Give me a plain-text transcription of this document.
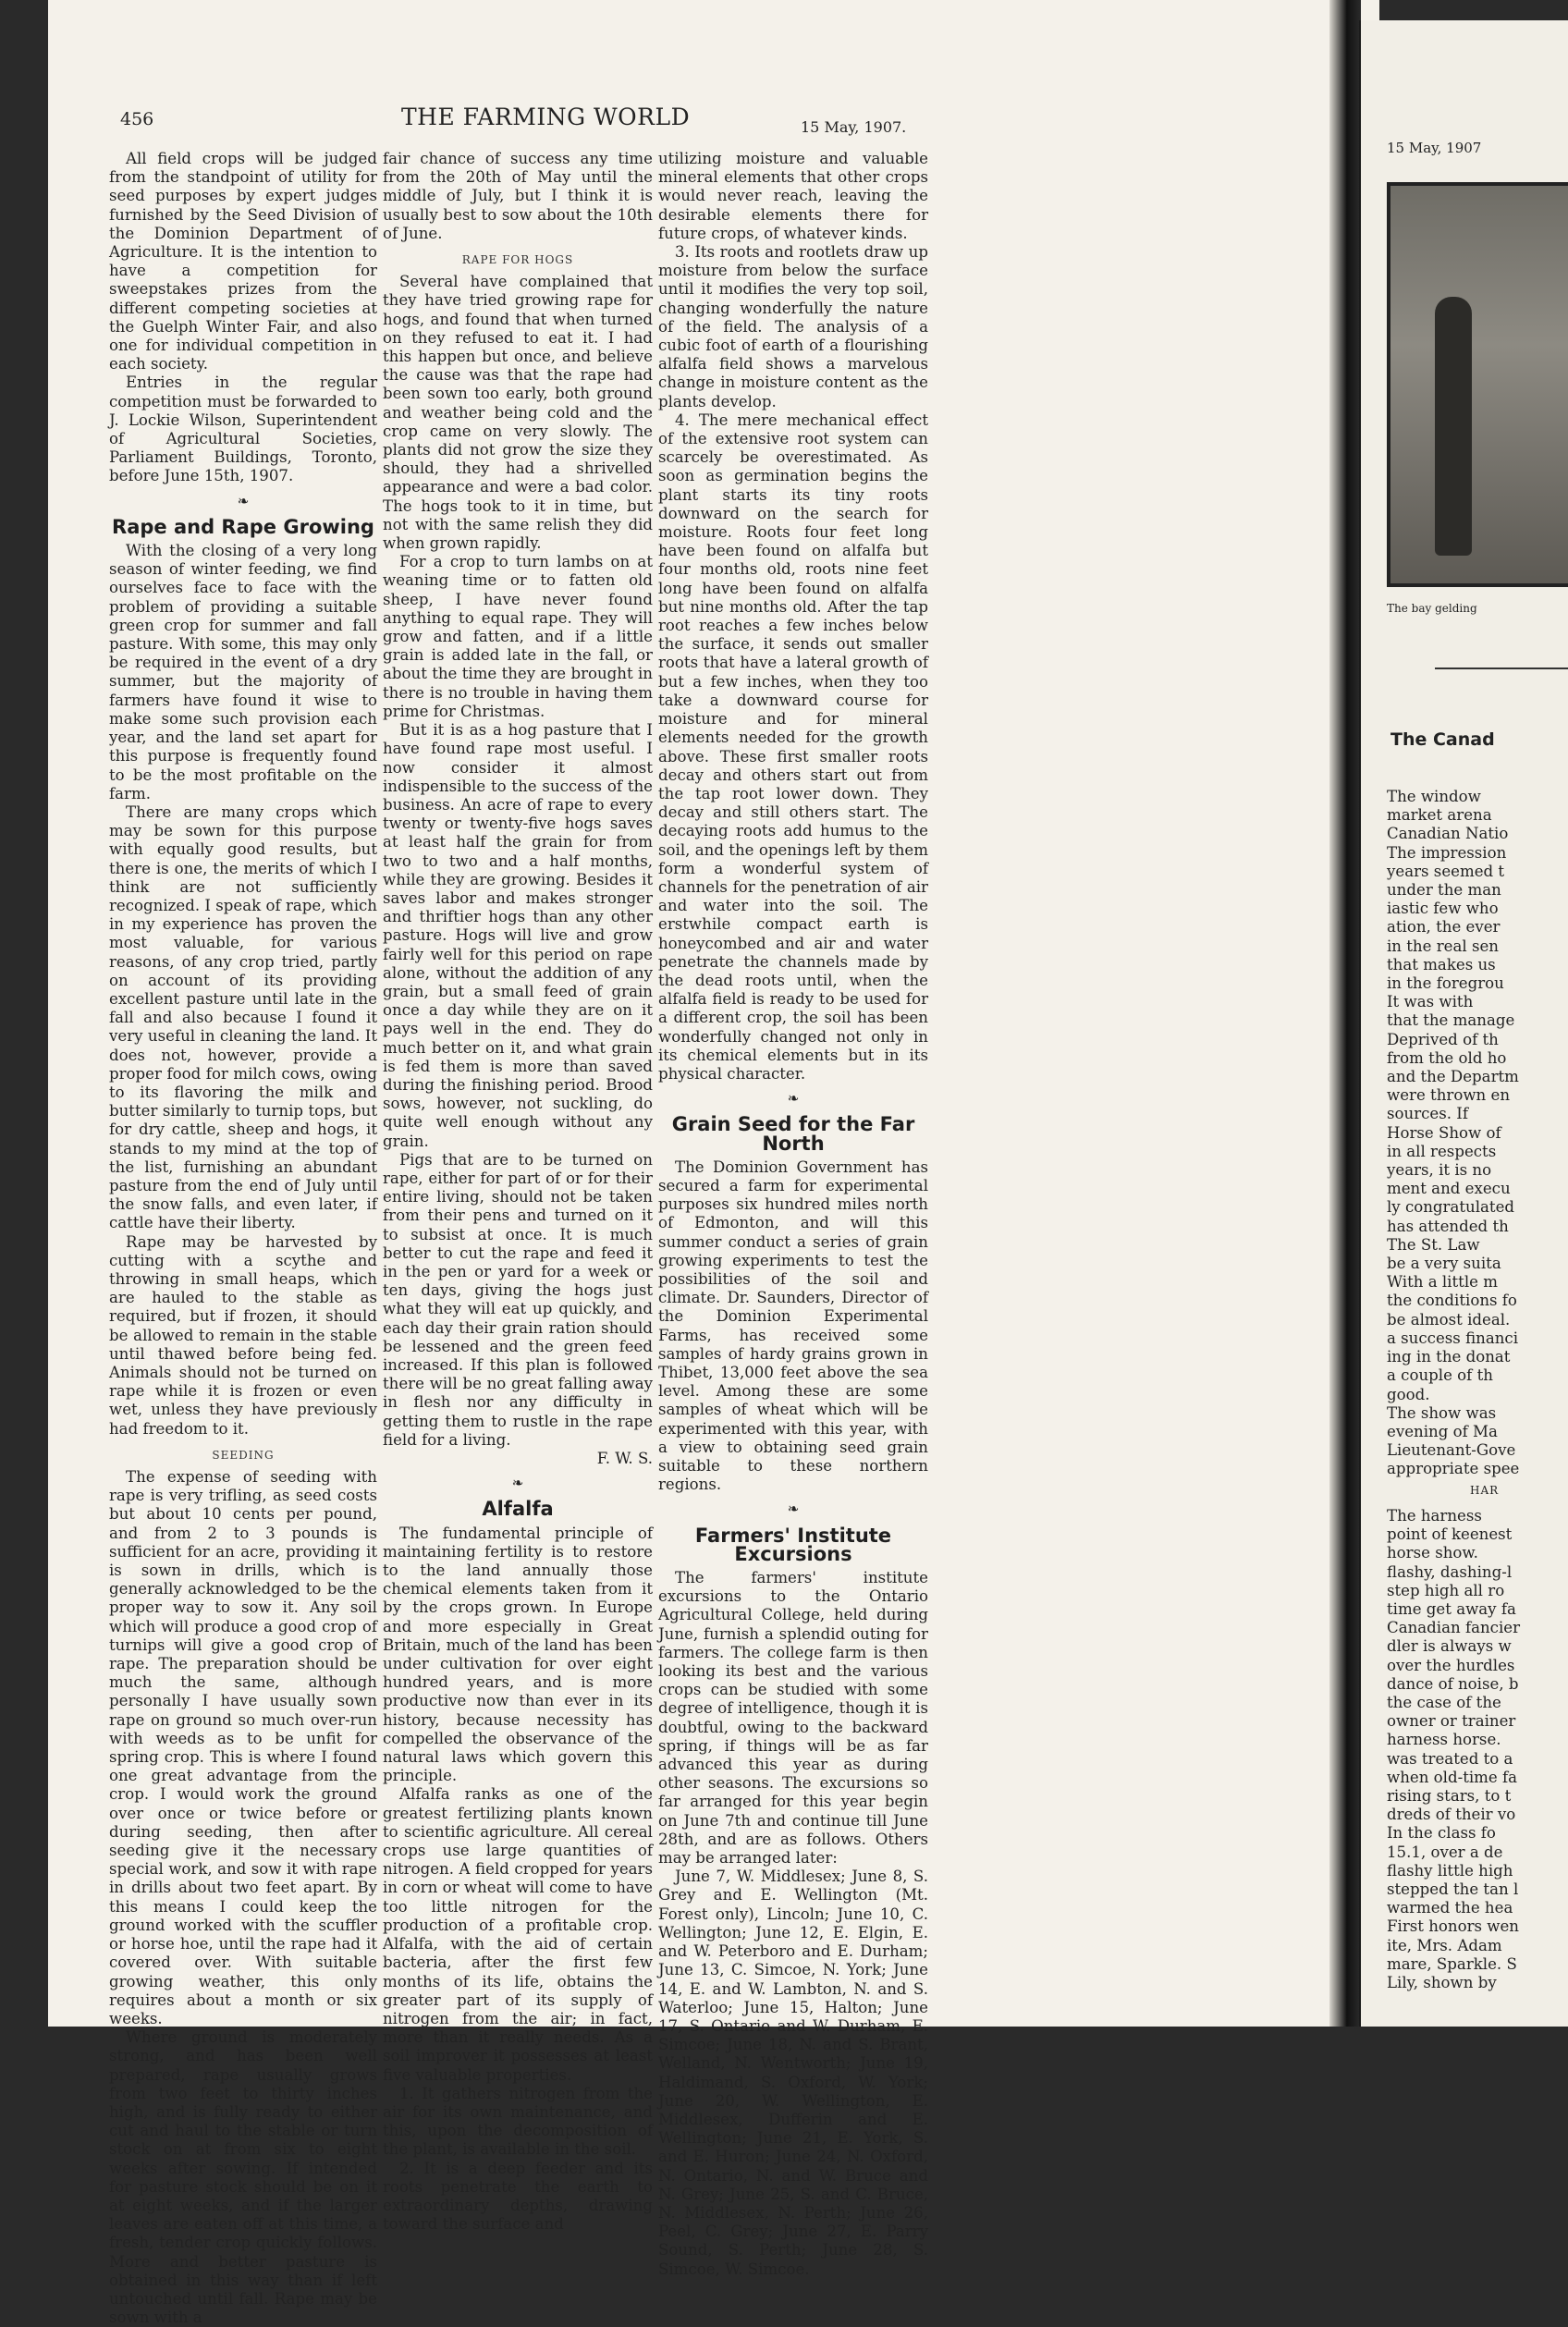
456	THE FARMING WORLD	15 May, 1907.

All field crops will be judged from the standpoint of utility for seed purposes by expert judges furnished by the Seed Division of the Dominion Department of Agriculture. It is the intention to have a competition for sweepstakes prizes from the different competing societies at the Guelph Winter Fair, and also one for individual competition in each society.

Entries in the regular competition must be forwarded to J. Lockie Wilson, Superintendent of Agricultural Societies, Parliament Buildings, Toronto, before June 15th, 1907.

❧
Rape and Rape Growing

With the closing of a very long season of winter feeding, we find ourselves face to face with the problem of providing a suitable green crop for summer and fall pasture. With some, this may only be required in the event of a dry summer, but the majority of farmers have found it wise to make some such provision each year, and the land set apart for this purpose is frequently found to be the most profitable on the farm.

There are many crops which may be sown for this purpose with equally good results, but there is one, the merits of which I think are not sufficiently recognized. I speak of rape, which in my experience has proven the most valuable, for various reasons, of any crop tried, partly on account of its providing excellent pasture until late in the fall and also because I found it very useful in cleaning the land. It does not, however, provide a proper food for milch cows, owing to its flavoring the milk and butter similarly to turnip tops, but for dry cattle, sheep and hogs, it stands to my mind at the top of the list, furnishing an abundant pasture from the end of July until the snow falls, and even later, if cattle have their liberty.

Rape may be harvested by cutting with a scythe and throwing in small heaps, which are hauled to the stable as required, but if frozen, it should be allowed to remain in the stable until thawed before being fed. Animals should not be turned on rape while it is frozen or even wet, unless they have previously had freedom to it.

SEEDING

The expense of seeding with rape is very trifling, as seed costs but about 10 cents per pound, and from 2 to 3 pounds is sufficient for an acre, providing it is sown in drills, which is generally acknowledged to be the proper way to sow it. Any soil which will produce a good crop of turnips will give a good crop of rape. The preparation should be much the same, although personally I have usually sown rape on ground so much over-run with weeds as to be unfit for spring crop. This is where I found one great advantage from the crop. I would work the ground over once or twice before or during seeding, then after seeding give it the necessary special work, and sow it with rape in drills about two feet apart. By this means I could keep the ground worked with the scuffler or horse hoe, until the rape had it covered over. With suitable growing weather, this only requires about a month or six weeks.

Where ground is moderately strong, and has been well prepared, rape usually grows from two feet to thirty inches high, and is fully ready to either cut and haul to the stable or turn stock on at from six to eight weeks after sowing. If intended for pasture stock should be on it at eight weeks, and if the larger leaves are eaten off at this time, a fresh, tender crop quickly follows. More and better pasture is obtained in this way than if left untouched until fall. Rape may be sown with a

fair chance of success any time from the 20th of May until the middle of July, but I think it is usually best to sow about the 10th of June.

RAPE FOR HOGS

Several have complained that they have tried growing rape for hogs, and found that when turned on they refused to eat it. I had this happen but once, and believe the cause was that the rape had been sown too early, both ground and weather being cold and the crop came on very slowly. The plants did not grow the size they should, they had a shrivelled appearance and were a bad color. The hogs took to it in time, but not with the same relish they did when grown rapidly.

For a crop to turn lambs on at weaning time or to fatten old sheep, I have never found anything to equal rape. They will grow and fatten, and if a little grain is added late in the fall, or about the time they are brought in there is no trouble in having them prime for Christmas.

But it is as a hog pasture that I have found rape most useful. I now consider it almost indispensible to the success of the business. An acre of rape to every twenty or twenty-five hogs saves at least half the grain for from two to two and a half months, while they are growing. Besides it saves labor and makes stronger and thriftier hogs than any other pasture. Hogs will live and grow fairly well for this period on rape alone, without the addition of any grain, but a small feed of grain once a day while they are on it pays well in the end. They do much better on it, and what grain is fed them is more than saved during the finishing period. Brood sows, however, not suckling, do quite well enough without any grain.

Pigs that are to be turned on rape, either for part of or for their entire living, should not be taken from their pens and turned on it to subsist at once. It is much better to cut the rape and feed it in the pen or yard for a week or ten days, giving the hogs just what they will eat up quickly, and each day their grain ration should be lessened and the green feed increased. If this plan is followed there will be no great falling away in flesh nor any difficulty in getting them to rustle in the rape field for a living.

F. W. S.
❧
Alfalfa

The fundamental principle of maintaining fertility is to restore to the land annually those chemical elements taken from it by the crops grown. In Europe and more especially in Great Britain, much of the land has been under cultivation for over eight hundred years, and is more productive now than ever in its history, because necessity has compelled the observance of the natural laws which govern this principle.

Alfalfa ranks as one of the greatest fertilizing plants known to scientific agriculture. All cereal crops use large quantities of nitrogen. A field cropped for years in corn or wheat will come to have too little nitrogen for the production of a profitable crop. Alfalfa, with the aid of certain bacteria, after the first few months of its life, obtains the greater part of its supply of nitrogen from the air; in fact, more than it really needs. As a soil improver it possesses at least five valuable properties.

1. It gathers nitrogen from the air for its own maintenance, and this, upon the decomposition of the plant, is available in the soil.

2. It is a deep feeder and its roots penetrate the earth to extraordinary depths, drawing toward the surface and

utilizing moisture and valuable mineral elements that other crops would never reach, leaving the desirable elements there for future crops, of whatever kinds.

3. Its roots and rootlets draw up moisture from below the surface until it modifies the very top soil, changing wonderfully the nature of the field. The analysis of a cubic foot of earth of a flourishing alfalfa field shows a marvelous change in moisture content as the plants develop.

4. The mere mechanical effect of the extensive root system can scarcely be overestimated. As soon as germination begins the plant starts its tiny roots downward on the search for moisture. Roots four feet long have been found on alfalfa but four months old, roots nine feet long have been found on alfalfa but nine months old. After the tap root reaches a few inches below the surface, it sends out smaller roots that have a lateral growth of but a few inches, when they too take a downward course for moisture and for mineral elements needed for the growth above. These first smaller roots decay and others start out from the tap root lower down. They decay and still others start. The decaying roots add humus to the soil, and the openings left by them form a wonderful system of channels for the penetration of air and water into the soil. The erstwhile compact earth is honeycombed and air and water penetrate the channels made by the dead roots until, when the alfalfa field is ready to be used for a different crop, the soil has been wonderfully changed not only in its chemical elements but in its physical character.

❧
Grain Seed for the Far North

The Dominion Government has secured a farm for experimental purposes six hundred miles north of Edmonton, and will this summer conduct a series of grain growing experiments to test the possibilities of the soil and climate. Dr. Saunders, Director of the Dominion Experimental Farms, has received some samples of hardy grains grown in Thibet, 13,000 feet above the sea level. Among these are some samples of wheat which will be experimented with this year, with a view to obtaining seed grain suitable to these northern regions.

❧
Farmers' Institute Excursions

The farmers' institute excursions to the Ontario Agricultural College, held during June, furnish a splendid outing for farmers. The college farm is then looking its best and the various crops can be studied with some degree of intelligence, though it is doubtful, owing to the backward spring, if things will be as far advanced this year as during other seasons. The excursions so far arranged for this year begin on June 7th and continue till June 28th, and are as follows. Others may be arranged later:

June 7, W. Middlesex; June 8, S. Grey and E. Wellington (Mt. Forest only), Lincoln; June 10, C. Wellington; June 12, E. Elgin, E. and W. Peterboro and E. Durham; June 13, C. Simcoe, N. York; June 14, E. and W. Lambton, N. and S. Waterloo; June 15, Halton; June 17, S. Ontario and W. Durham, E. Simcoe; June 18, N. and S. Brant, Welland, N. Wentworth; June 19, Haldimand, S. Oxford, W. York; June 20, W. Wellington, E. Middlesex, Dufferin and E. Wellington; June 21, E. York, S. and E. Huron; June 24, N. Oxford, N. Ontario, N. and W. Bruce and N. Grey; June 25, S. and C. Bruce, N. Middlesex, N. Perth; June 26, Peel, C. Grey; June 27, E. Parry Sound, S. Perth; June 28, S. Simcoe, W. Simcoe.

15 May, 1907
The bay gelding
The Canad
The window
market arena
Canadian Natio
The impression
years seemed t
under the man
iastic few who
ation, the ever
in the real sen
that makes us
in the foregrou
It was with
that the manage
Deprived of th
from the old ho
and the Departm
were thrown en
sources. If
Horse Show of
in all respects
years, it is no
ment and execu
ly congratulated
has attended th
The St. Law
be a very suita
With a little m
the conditions fo
be almost ideal.
a success financi
ing in the donat
a couple of th
good.
The show was
evening of Ma
Lieutenant-Gove
appropriate spee
HAR
The harness
point of keenest
horse show.
flashy, dashing-l
step high all ro
time get away fa
Canadian fancier
dler is always w
over the hurdles
dance of noise, b
the case of the
owner or trainer
harness horse.
was treated to a
when old-time fa
rising stars, to t
dreds of their vo
In the class fo
15.1, over a de
flashy little high
stepped the tan l
warmed the hea
First honors wen
ite, Mrs. Adam
mare, Sparkle. S
Lily, shown by
